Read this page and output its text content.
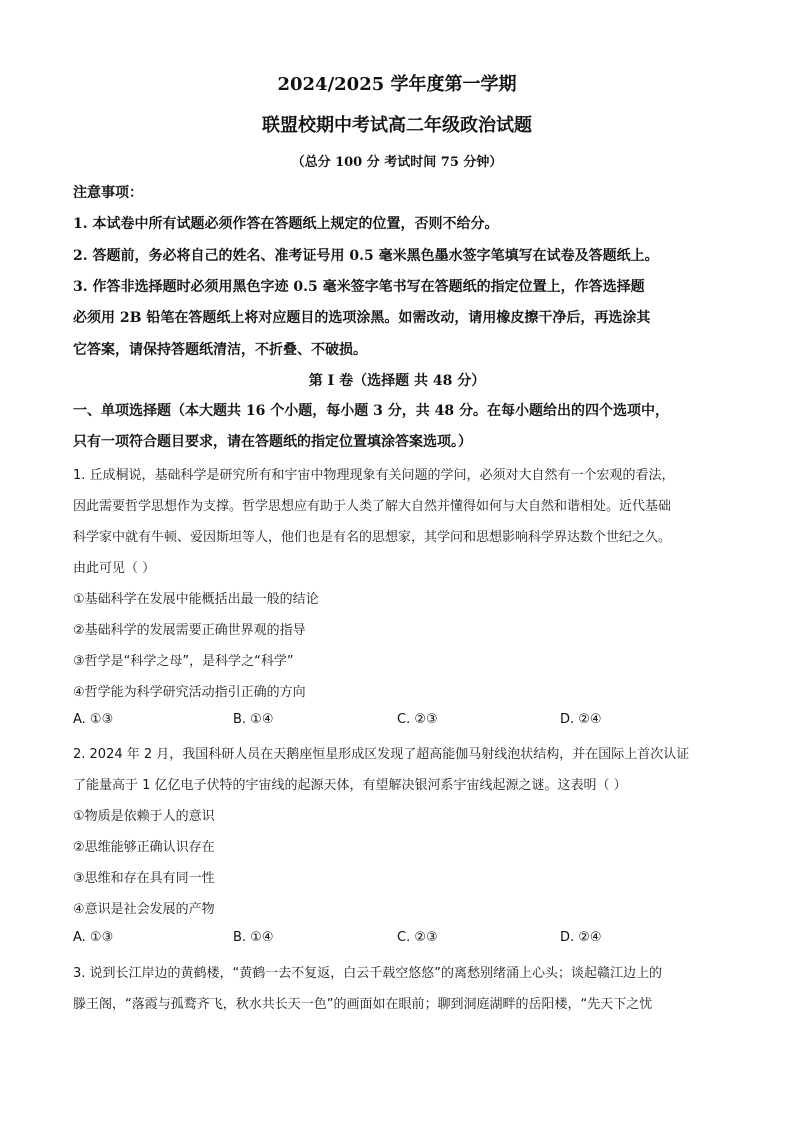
2024/2025 学年度第一学期
联盟校期中考试高二年级政治试题
（总分 100 分 考试时间 75 分钟）
注意事项：
1. 本试卷中所有试题必须作答在答题纸上规定的位置，否则不给分。
2. 答题前，务必将自己的姓名、准考证号用 0.5 毫米黑色墨水签字笔填写在试卷及答题纸上。
3. 作答非选择题时必须用黑色字迹 0.5 毫米签字笔书写在答题纸的指定位置上，作答选择题
必须用 2B 铅笔在答题纸上将对应题目的选项涂黑。如需改动，请用橡皮擦干净后，再选涂其
它答案，请保持答题纸清洁，不折叠、不破损。
第 I 卷（选择题 共 48 分）
一、单项选择题（本大题共 16 个小题，每小题 3 分，共 48 分。在每小题给出的四个选项中，
只有一项符合题目要求，请在答题纸的指定位置填涂答案选项。）
1. 丘成桐说，基础科学是研究所有和宇宙中物理现象有关问题的学问，必须对大自然有一个宏观的看法，
因此需要哲学思想作为支撑。哲学思想应有助于人类了解大自然并懂得如何与大自然和谐相处。近代基础
科学家中就有牛顿、爱因斯坦等人，他们也是有名的思想家，其学问和思想影响科学界达数个世纪之久。
由此可见（ ）
①基础科学在发展中能概括出最一般的结论
②基础科学的发展需要正确世界观的指导
③哲学是“科学之母”，是科学之“科学”
④哲学能为科学研究活动指引正确的方向
A. ①③	B. ①④	C. ②③	D. ②④
2. 2024 年 2 月，我国科研人员在天鹅座恒星形成区发现了超高能伽马射线泡状结构，并在国际上首次认证
了能量高于 1 亿亿电子伏特的宇宙线的起源天体，有望解决银河系宇宙线起源之谜。这表明（ ）
①物质是依赖于人的意识
②思维能够正确认识存在
③思维和存在具有同一性
④意识是社会发展的产物
A. ①③	B. ①④	C. ②③	D. ②④
3. 说到长江岸边的黄鹤楼，“黄鹤一去不复返，白云千载空悠悠”的离愁别绪涌上心头；谈起赣江边上的
滕王阁，“落霞与孤鹜齐飞，秋水共长天一色”的画面如在眼前；聊到洞庭湖畔的岳阳楼，“先天下之忧
